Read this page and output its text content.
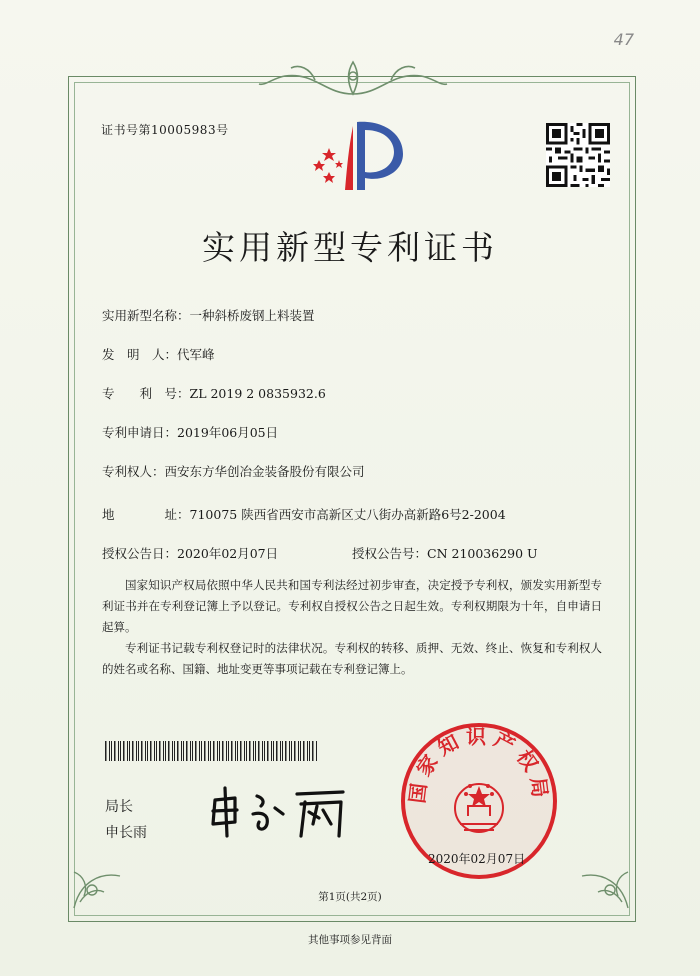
47
证书号第10005983号
实用新型专利证书
实用新型名称：一种斜桥废钢上料装置
发　明　人：代军峰
专　　利　号：ZL 2019 2 0835932.6
专利申请日：2019年06月05日
专利权人：西安东方华创冶金装备股份有限公司
地　　　　址：710075 陕西省西安市高新区丈八街办高新路6号2-2004
授权公告日：2020年02月07日	授权公告号：CN 210036290 U
国家知识产权局依照中华人民共和国专利法经过初步审查，决定授予专利权，颁发实用新型专利证书并在专利登记簿上予以登记。专利权自授权公告之日起生效。专利权期限为十年，自申请日起算。
专利证书记载专利权登记时的法律状况。专利权的转移、质押、无效、终止、恢复和专利权人的姓名或名称、国籍、地址变更等事项记载在专利登记簿上。
局长
申长雨
国家知识产权局
2020年02月07日
第1页(共2页)
其他事项参见背面
